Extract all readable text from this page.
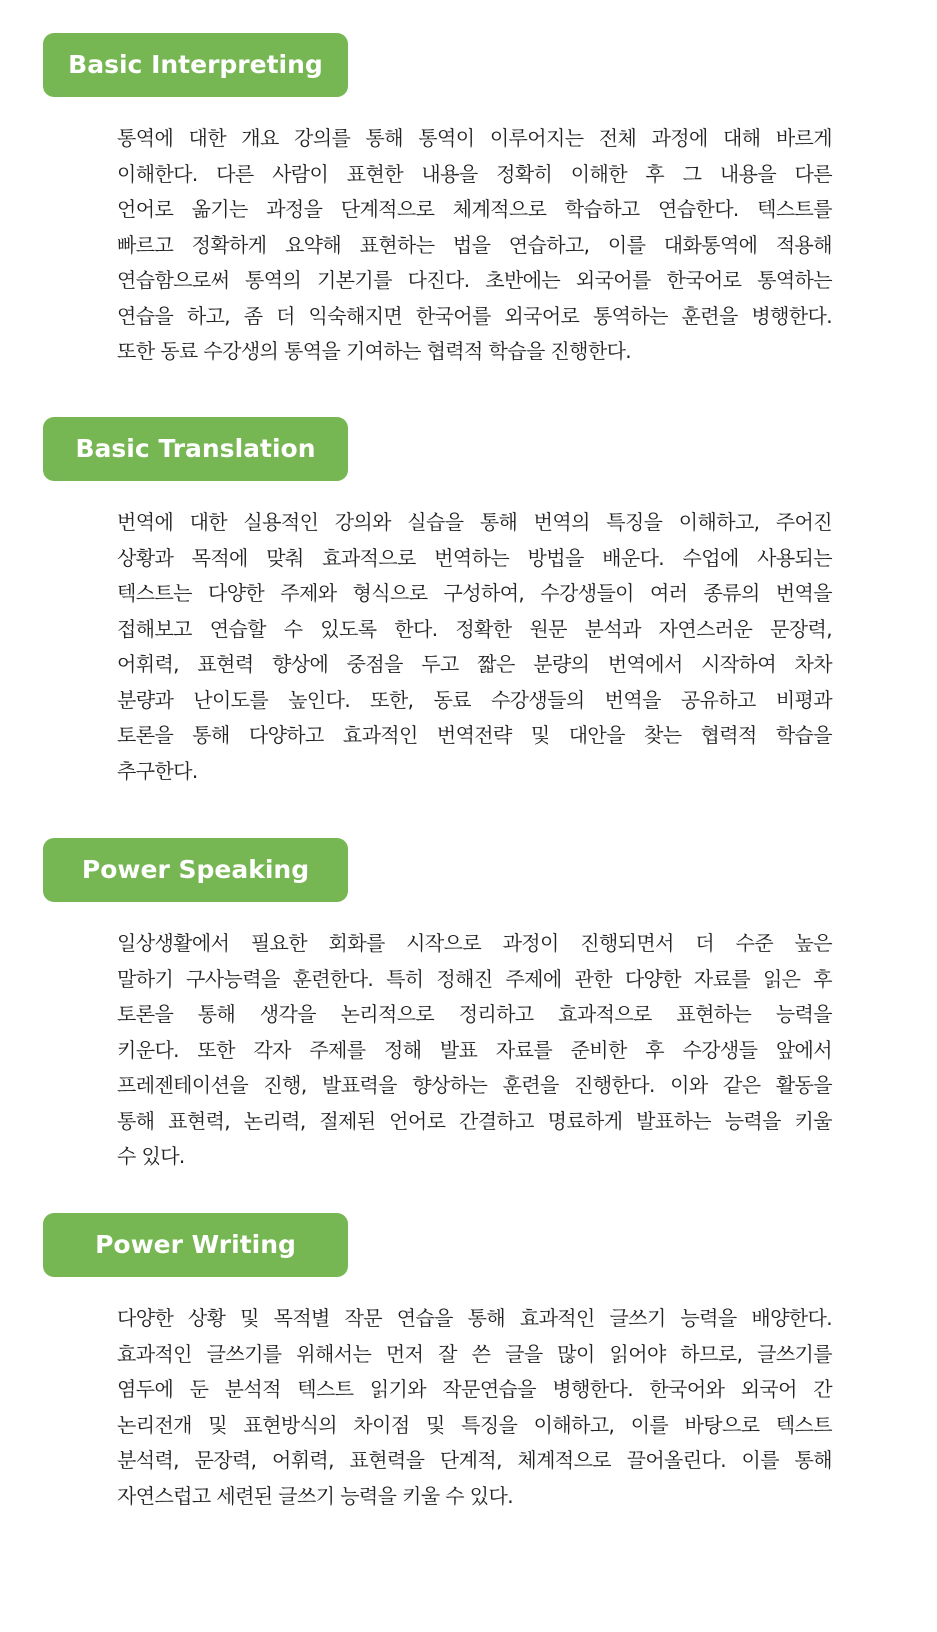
Basic Interpreting
통역에 대한 개요 강의를 통해 통역이 이루어지는 전체 과정에 대해 바르게
이해한다. 다른 사람이 표현한 내용을 정확히 이해한 후 그 내용을 다른
언어로 옮기는 과정을 단계적으로 체계적으로 학습하고 연습한다. 텍스트를
빠르고 정확하게 요약해 표현하는 법을 연습하고, 이를 대화통역에 적용해
연습함으로써 통역의 기본기를 다진다. 초반에는 외국어를 한국어로 통역하는
연습을 하고, 좀 더 익숙해지면 한국어를 외국어로 통역하는 훈련을 병행한다.
또한 동료 수강생의 통역을 기여하는 협력적 학습을 진행한다.
Basic Translation
번역에 대한 실용적인 강의와 실습을 통해 번역의 특징을 이해하고, 주어진
상황과 목적에 맞춰 효과적으로 번역하는 방법을 배운다. 수업에 사용되는
텍스트는 다양한 주제와 형식으로 구성하여, 수강생들이 여러 종류의 번역을
접해보고 연습할 수 있도록 한다. 정확한 원문 분석과 자연스러운 문장력,
어휘력, 표현력 향상에 중점을 두고 짧은 분량의 번역에서 시작하여 차차
분량과 난이도를 높인다. 또한, 동료 수강생들의 번역을 공유하고 비평과
토론을 통해 다양하고 효과적인 번역전략 및 대안을 찾는 협력적 학습을
추구한다.
Power Speaking
일상생활에서 필요한 회화를 시작으로 과정이 진행되면서 더 수준 높은
말하기 구사능력을 훈련한다. 특히 정해진 주제에 관한 다양한 자료를 읽은 후
토론을 통해 생각을 논리적으로 정리하고 효과적으로 표현하는 능력을
키운다. 또한 각자 주제를 정해 발표 자료를 준비한 후 수강생들 앞에서
프레젠테이션을 진행, 발표력을 향상하는 훈련을 진행한다. 이와 같은 활동을
통해 표현력, 논리력, 절제된 언어로 간결하고 명료하게 발표하는 능력을 키울
수 있다.
Power Writing
다양한 상황 및 목적별 작문 연습을 통해 효과적인 글쓰기 능력을 배양한다.
효과적인 글쓰기를 위해서는 먼저 잘 쓴 글을 많이 읽어야 하므로, 글쓰기를
염두에 둔 분석적 텍스트 읽기와 작문연습을 병행한다. 한국어와 외국어 간
논리전개 및 표현방식의 차이점 및 특징을 이해하고, 이를 바탕으로 텍스트
분석력, 문장력, 어휘력, 표현력을 단계적, 체계적으로 끌어올린다. 이를 통해
자연스럽고 세련된 글쓰기 능력을 키울 수 있다.
